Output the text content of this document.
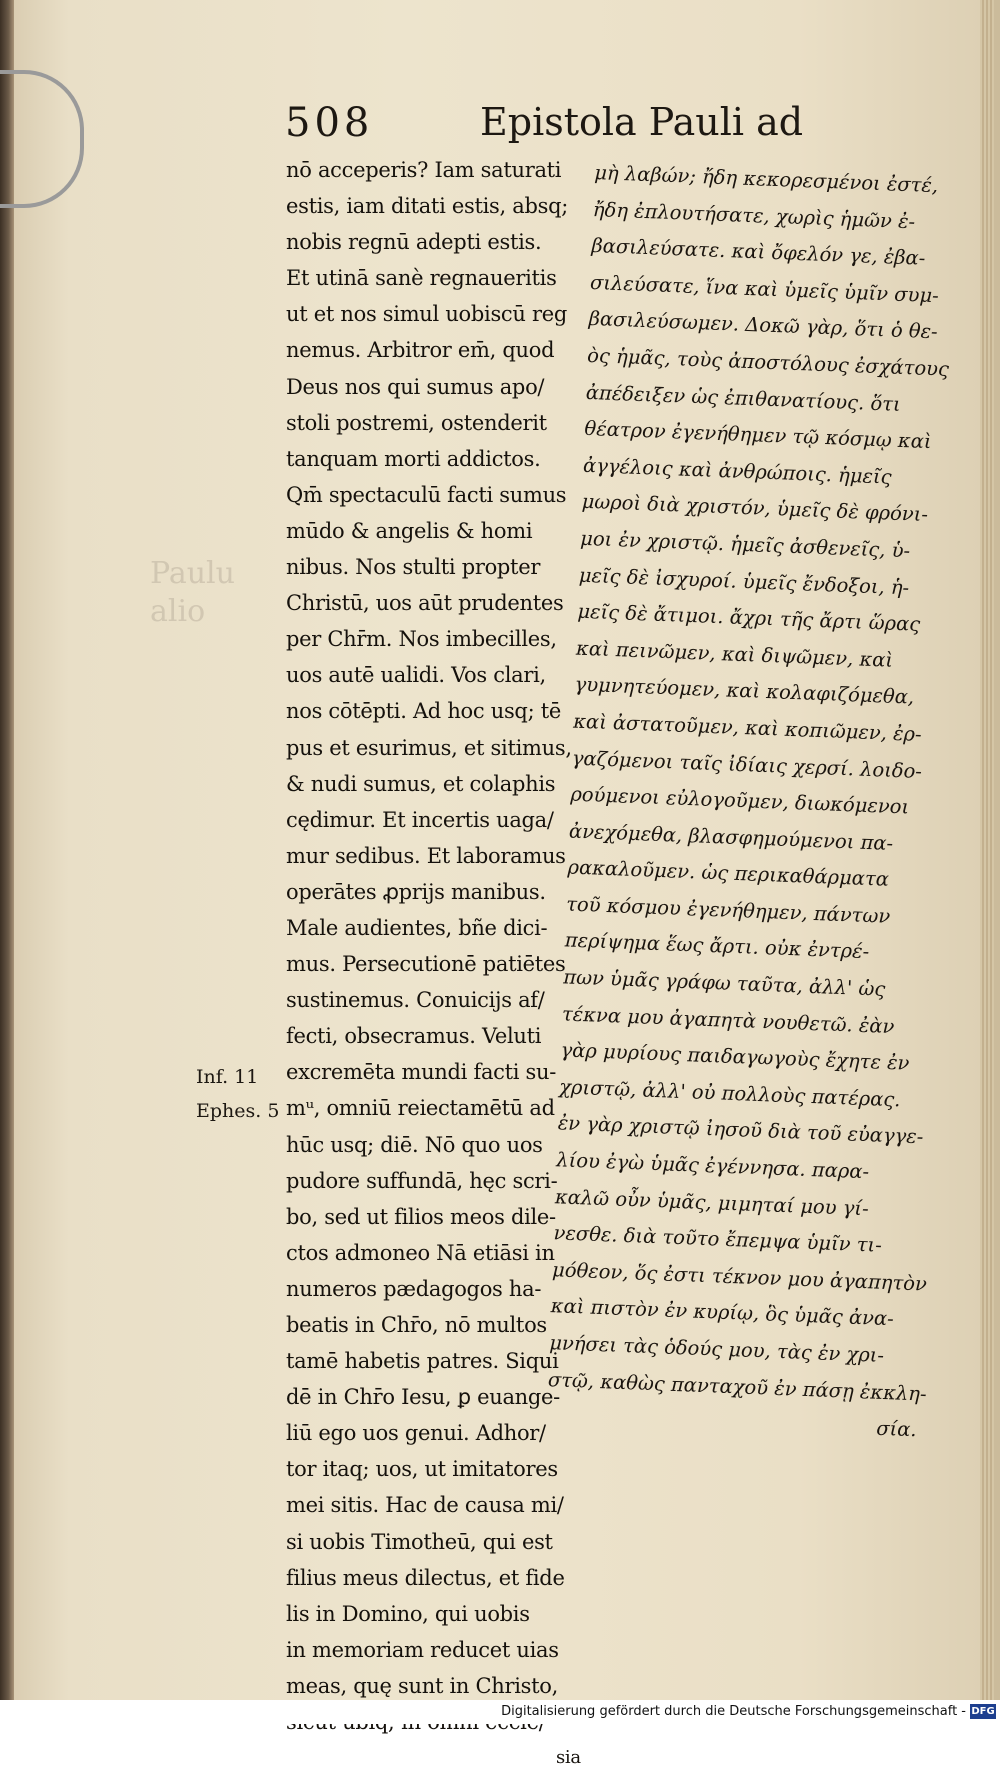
Paulu
alio
508	Epistola Pauli ad
nō acceperis? Iam saturati
estis, iam ditati estis, absq;
nobis regnū adepti estis.
Et utinā sanè regnaueritis
ut et nos simul uobiscū reg
nemus. Arbitror em̄, quod
Deus nos qui sumus apo/
stoli postremi, ostenderit
tanquam morti addictos.
Qm̄ spectaculū facti sumus
mūdo & angelis & homi
nibus. Nos stulti propter
Christū, uos aūt prudentes
per Chr̄m. Nos imbecilles,
uos autē ualidi. Vos clari,
nos cōtēpti. Ad hoc usq; tē
pus et esurimus, et sitimus,
& nudi sumus, et colaphis
cędimur. Et incertis uaga/
mur sedibus. Et laboramus
operātes ꝓprijs manibus.
Male audientes, bñe dici-
mus. Persecutionē patiētes
sustinemus. Conuicijs af/
fecti, obsecramus. Veluti
excremēta mundi facti su-
mᵘ, omniū reiectamētū ad
hūc usq; diē. Nō quo uos
pudore suffundā, hęc scri-
bo, sed ut filios meos dile-
ctos admoneo Nā etiāsi in
numeros pædagogos ha-
beatis in Chr̄o, nō multos
tamē habetis patres. Siqui
dē in Chr̄o Iesu, ꝑ euange-
liū ego uos genui. Adhor/
tor itaq; uos, ut imitatores
mei sitis. Hac de causa mi/
si uobis Timotheū, qui est
filius meus dilectus, et fide
lis in Domino, qui uobis
in memoriam reducet uias
meas, quę sunt in Christo,
sia
μὴ λαβών; ἤδη κεκορεσμένοι ἐστέ,
ἤδη ἐπλουτήσατε, χωρὶς ἡμῶν ἐ-
βασιλεύσατε. καὶ ὄφελόν γε, ἐβα-
σιλεύσατε, ἵνα καὶ ὑμεῖς ὑμῖν συμ-
βασιλεύσωμεν. Δοκῶ γὰρ, ὅτι ὁ θε-
ὸς ἡμᾶς, τοὺς ἀποστόλους ἐσχάτους
ἀπέδειξεν ὡς ἐπιθανατίους. ὅτι
θέατρον ἐγενήθημεν τῷ κόσμῳ καὶ
ἀγγέλοις καὶ ἀνθρώποις. ἡμεῖς
μωροὶ διὰ χριστόν, ὑμεῖς δὲ φρόνι-
μοι ἐν χριστῷ. ἡμεῖς ἀσθενεῖς, ὑ-
μεῖς δὲ ἰσχυροί. ὑμεῖς ἔνδοξοι, ἡ-
μεῖς δὲ ἄτιμοι. ἄχρι τῆς ἄρτι ὥρας
καὶ πεινῶμεν, καὶ διψῶμεν, καὶ
γυμνητεύομεν, καὶ κολαφιζόμεθα,
καὶ ἀστατοῦμεν, καὶ κοπιῶμεν, ἐρ-
γαζόμενοι ταῖς ἰδίαις χερσί. λοιδο-
ρούμενοι εὐλογοῦμεν, διωκόμενοι
ἀνεχόμεθα, βλασφημούμενοι πα-
ρακαλοῦμεν. ὡς περικαθάρματα
τοῦ κόσμου ἐγενήθημεν, πάντων
περίψημα ἕως ἄρτι. οὐκ ἐντρέ-
πων ὑμᾶς γράφω ταῦτα, ἀλλ' ὡς
τέκνα μου ἀγαπητὰ νουθετῶ. ἐὰν
γὰρ μυρίους παιδαγωγοὺς ἔχητε ἐν
χριστῷ, ἀλλ' οὐ πολλοὺς πατέρας.
ἐν γὰρ χριστῷ ἰησοῦ διὰ τοῦ εὐαγγε-
λίου ἐγὼ ὑμᾶς ἐγέννησα. παρα-
καλῶ οὖν ὑμᾶς, μιμηταί μου γί-
νεσθε. διὰ τοῦτο ἔπεμψα ὑμῖν τι-
μόθεον, ὅς ἐστι τέκνον μου ἀγαπητὸν
καὶ πιστὸν ἐν κυρίῳ, ὃς ὑμᾶς ἀνα-
μνήσει τὰς ὁδούς μου, τὰς ἐν χρι-
στῷ, καθὼς πανταχοῦ ἐν πάσῃ ἐκκλη-
σία.
Inf. 11
Ephes. 5
Digitalisierung gefördert durch die Deutsche Forschungsgemeinschaft - DFG
